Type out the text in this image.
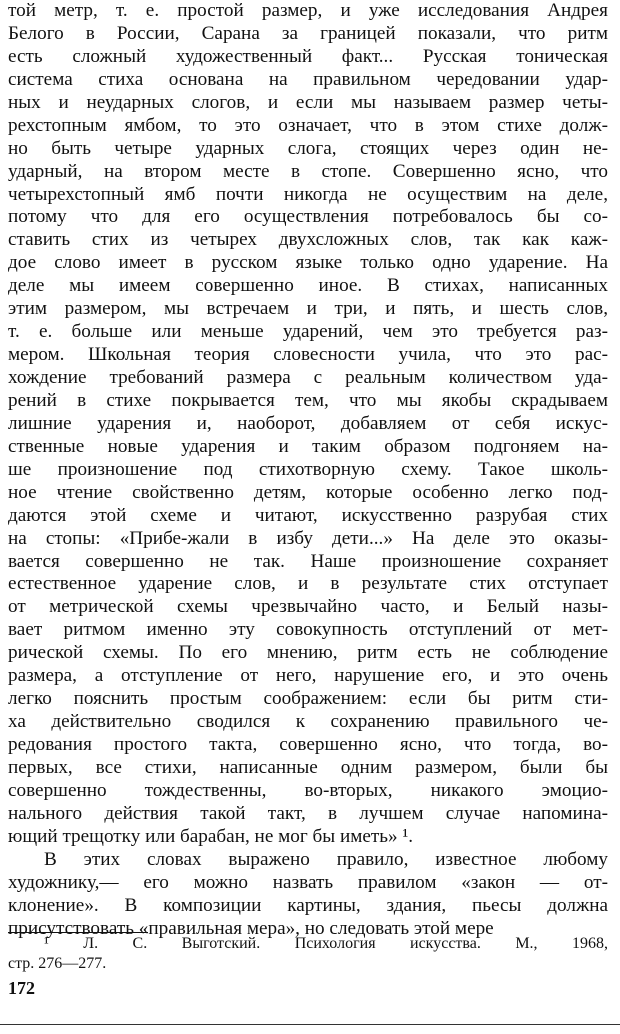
той метр, т. е. простой размер, и уже исследования Андрея
Белого в России, Сарана за границей показали, что ритм
есть сложный художественный факт... Русская тоническая
система стиха основана на правильном чередовании удар-
ных и неударных слогов, и если мы называем размер четы-
рехстопным ямбом, то это означает, что в этом стихе долж-
но быть четыре ударных слога, стоящих через один не-
ударный, на втором месте в стопе. Совершенно ясно, что
четырехстопный ямб почти никогда не осуществим на деле,
потому что для его осуществления потребовалось бы со-
ставить стих из четырех двухсложных слов, так как каж-
дое слово имеет в русском языке только одно ударение. На
деле мы имеем совершенно иное. В стихах, написанных
этим размером, мы встречаем и три, и пять, и шесть слов,
т. е. больше или меньше ударений, чем это требуется раз-
мером. Школьная теория словесности учила, что это рас-
хождение требований размера с реальным количеством уда-
рений в стихе покрывается тем, что мы якобы скрадываем
лишние ударения и, наоборот, добавляем от себя искус-
ственные новые ударения и таким образом подгоняем на-
ше произношение под стихотворную схему. Такое школь-
ное чтение свойственно детям, которые особенно легко под-
даются этой схеме и читают, искусственно разрубая стих
на стопы: «Прибе-жали в избу дети...» На деле это оказы-
вается совершенно не так. Наше произношение сохраняет
естественное ударение слов, и в результате стих отступает
от метрической схемы чрезвычайно часто, и Белый назы-
вает ритмом именно эту совокупность отступлений от мет-
рической схемы. По его мнению, ритм есть не соблюдение
размера, а отступление от него, нарушение его, и это очень
легко пояснить простым соображением: если бы ритм сти-
ха действительно сводился к сохранению правильного че-
редования простого такта, совершенно ясно, что тогда, во-
первых, все стихи, написанные одним размером, были бы
совершенно тождественны, во-вторых, никакого эмоцио-
нального действия такой такт, в лучшем случае напомина-
ющий трещотку или барабан, не мог бы иметь» ¹.
В этих словах выражено правило, известное любому
художнику,— его можно назвать правилом «закон — от-
клонение». В композиции картины, здания, пьесы должна
присутствовать «правильная мера», но следовать этой мере
¹ Л. С. Выготский. Психология искусства. М., 1968,
стр. 276—277.
172
